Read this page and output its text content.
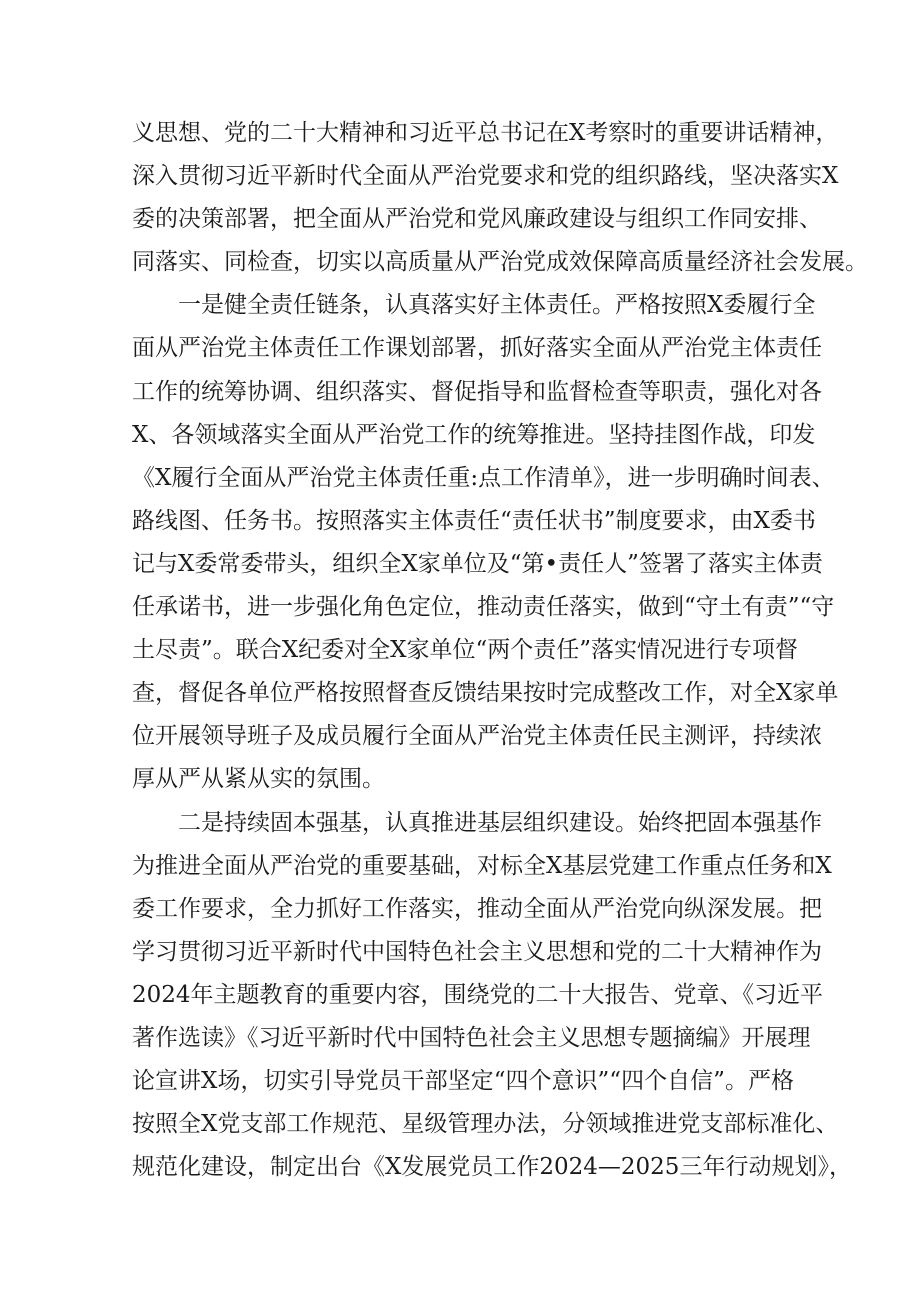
义思想、党的二十大精神和习近平总书记在X考察时的重要讲话精神，
深入贯彻习近平新时代全面从严治党要求和党的组织路线，坚决落实X
委的决策部署，把全面从严治党和党风廉政建设与组织工作同安排、
同落实、同检查，切实以高质量从严治党成效保障高质量经济社会发展。
一是健全责任链条，认真落实好主体责任。严格按照X委履行全
面从严治党主体责任工作课划部署，抓好落实全面从严治党主体责任
工作的统筹协调、组织落实、督促指导和监督检查等职责，强化对各
X、各领域落实全面从严治党工作的统筹推进。坚持挂图作战，印发
《X履行全面从严治党主体责任重:点工作清单》，进一步明确时间表、
路线图、任务书。按照落实主体责任“责任状书”制度要求，由X委书
记与X委常委带头，组织全X家单位及“第•责任人”签署了落实主体责
任承诺书，进一步强化角色定位，推动责任落实，做到“守土有责”“守
土尽责”。联合X纪委对全X家单位“两个责任”落实情况进行专项督
查，督促各单位严格按照督查反馈结果按时完成整改工作，对全X家单
位开展领导班子及成员履行全面从严治党主体责任民主测评，持续浓
厚从严从紧从实的氛围。
二是持续固本强基，认真推进基层组织建设。始终把固本强基作
为推进全面从严治党的重要基础，对标全X基层党建工作重点任务和X
委工作要求，全力抓好工作落实，推动全面从严治党向纵深发展。把
学习贯彻习近平新时代中国特色社会主义思想和党的二十大精神作为
2024年主题教育的重要内容，围绕党的二十大报告、党章、《习近平
著作选读》《习近平新时代中国特色社会主义思想专题摘编》开展理
论宣讲X场，切实引导党员干部坚定“四个意识”“四个自信”。严格
按照全X党支部工作规范、星级管理办法，分领域推进党支部标准化、
规范化建设，制定出台《X发展党员工作2024—2025三年行动规划》，
